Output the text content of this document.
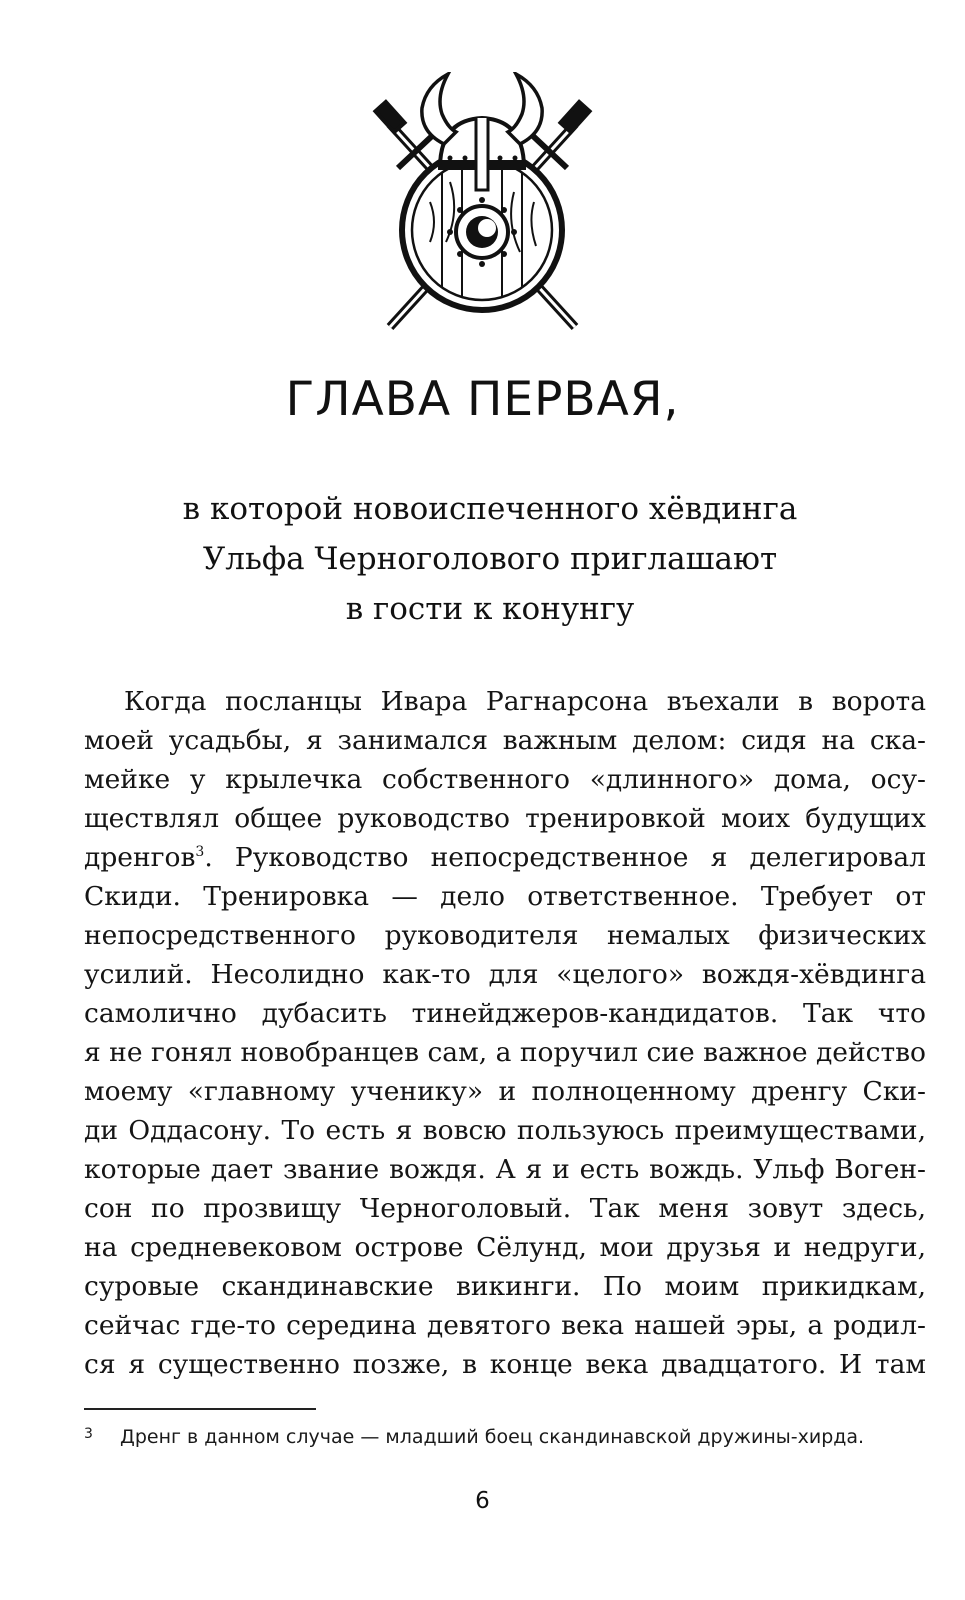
ГЛАВА ПЕРВАЯ,
в которой новоиспеченного хёвдинга
Ульфа Черноголового приглашают
в гости к конунгу
Когда посланцы Ивара Рагнарсона въехали в ворота
моей усадьбы, я занимался важным делом: сидя на ска-
мейке у крылечка собственного «длинного» дома, осу-
ществлял общее руководство тренировкой моих будущих
дренгов$^3$. Руководство непосредственное я делегировал
Скиди. Тренировка — дело ответственное. Требует от
непосредственного руководителя немалых физических
усилий. Несолидно как-то для «целого» вождя-хёвдинга
самолично дубасить тинейджеров-кандидатов. Так что
я не гонял новобранцев сам, а поручил сие важное действо
моему «главному ученику» и полноценному дренгу Ски-
ди Оддасону. То есть я вовсю пользуюсь преимуществами,
которые дает звание вождя. А я и есть вождь. Ульф Воген-
сон по прозвищу Черноголовый. Так меня зовут здесь,
на средневековом острове Сёлунд, мои друзья и недруги,
суровые скандинавские викинги. По моим прикидкам,
сейчас где-то середина девятого века нашей эры, а родил-
ся я существенно позже, в конце века двадцатого. И там
3 Дренг в данном случае — младший боец скандинавской дружины-хирда.
6
